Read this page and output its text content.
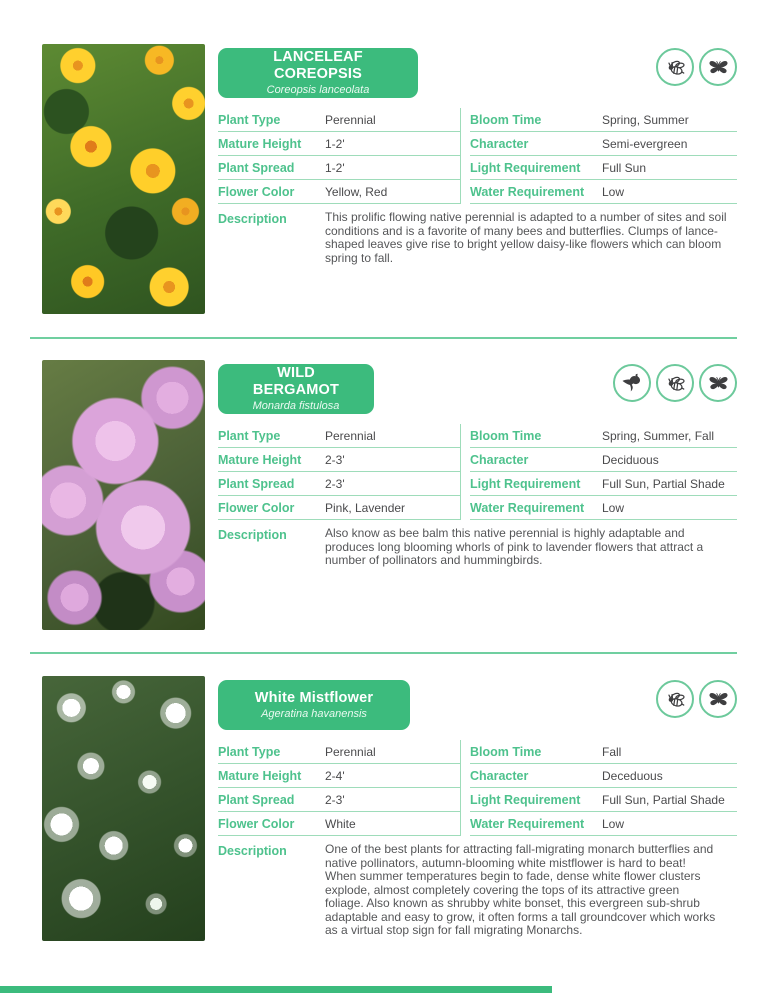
LANCELEAF COREOPSIS
Coreopsis lanceolata
Plant Type	Perennial
Mature Height	1-2'
Plant Spread	1-2'
Flower Color	Yellow, Red
Bloom Time	Spring, Summer
Character	Semi-evergreen
Light Requirement	Full Sun
Water Requirement	Low
Description	This prolific flowing native perennial is adapted to a number of sites and soil conditions and is a favorite of many bees and butterflies. Clumps of lance-shaped leaves give rise to bright yellow daisy-like flowers which can bloom spring to fall.
WILD BERGAMOT
Monarda fistulosa
Plant Type	Perennial
Mature Height	2-3'
Plant Spread	2-3'
Flower Color	Pink, Lavender
Bloom Time	Spring, Summer, Fall
Character	Deciduous
Light Requirement	Full Sun, Partial Shade
Water Requirement	Low
Description	Also know as bee balm this native perennial is highly adaptable and produces long blooming whorls of pink to lavender flowers that attract a number of pollinators and hummingbirds.
White Mistflower
Ageratina havanensis
Plant Type	Perennial
Mature Height	2-4'
Plant Spread	2-3'
Flower Color	White
Bloom Time	Fall
Character	Deceduous
Light Requirement	Full Sun, Partial Shade
Water Requirement	Low
Description	One of the best plants for attracting fall-migrating monarch butterflies and native pollinators, autumn-blooming white mistflower is hard to beat! When summer temperatures begin to fade, dense white flower clusters explode, almost completely covering the tops of its attractive green foliage. Also known as shrubby white bonset, this evergreen sub-shrub adaptable and easy to grow, it often forms a tall groundcover which works as a virtual stop sign for fall migrating Monarchs.
